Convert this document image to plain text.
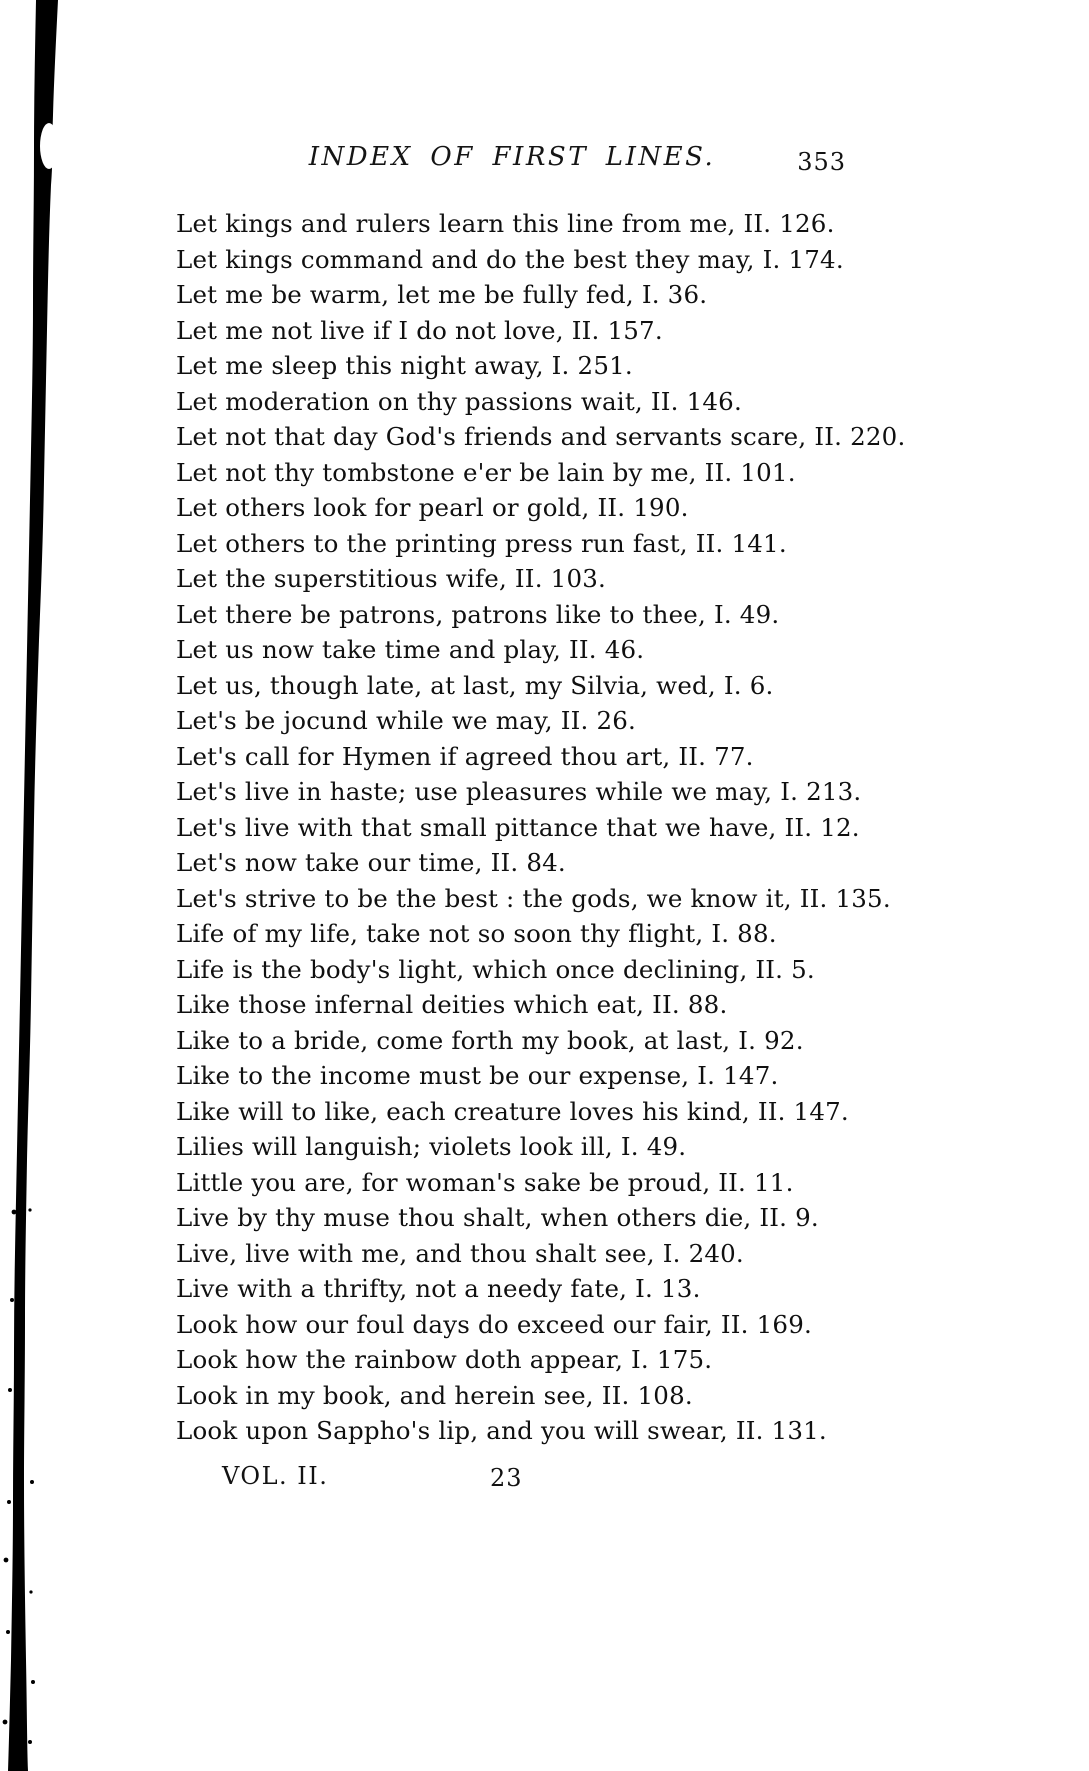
INDEX OF FIRST LINES.	353
Let kings and rulers learn this line from me, II. 126.
Let kings command and do the best they may, I. 174.
Let me be warm, let me be fully fed, I. 36.
Let me not live if I do not love, II. 157.
Let me sleep this night away, I. 251.
Let moderation on thy passions wait, II. 146.
Let not that day God's friends and servants scare, II. 220.
Let not thy tombstone e'er be lain by me, II. 101.
Let others look for pearl or gold, II. 190.
Let others to the printing press run fast, II. 141.
Let the superstitious wife, II. 103.
Let there be patrons, patrons like to thee, I. 49.
Let us now take time and play, II. 46.
Let us, though late, at last, my Silvia, wed, I. 6.
Let's be jocund while we may, II. 26.
Let's call for Hymen if agreed thou art, II. 77.
Let's live in haste; use pleasures while we may, I. 213.
Let's live with that small pittance that we have, II. 12.
Let's now take our time, II. 84.
Let's strive to be the best : the gods, we know it, II. 135.
Life of my life, take not so soon thy flight, I. 88.
Life is the body's light, which once declining, II. 5.
Like those infernal deities which eat, II. 88.
Like to a bride, come forth my book, at last, I. 92.
Like to the income must be our expense, I. 147.
Like will to like, each creature loves his kind, II. 147.
Lilies will languish; violets look ill, I. 49.
Little you are, for woman's sake be proud, II. 11.
Live by thy muse thou shalt, when others die, II. 9.
Live, live with me, and thou shalt see, I. 240.
Live with a thrifty, not a needy fate, I. 13.
Look how our foul days do exceed our fair, II. 169.
Look how the rainbow doth appear, I. 175.
Look in my book, and herein see, II. 108.
Look upon Sappho's lip, and you will swear, II. 131.
VOL. II.	23
